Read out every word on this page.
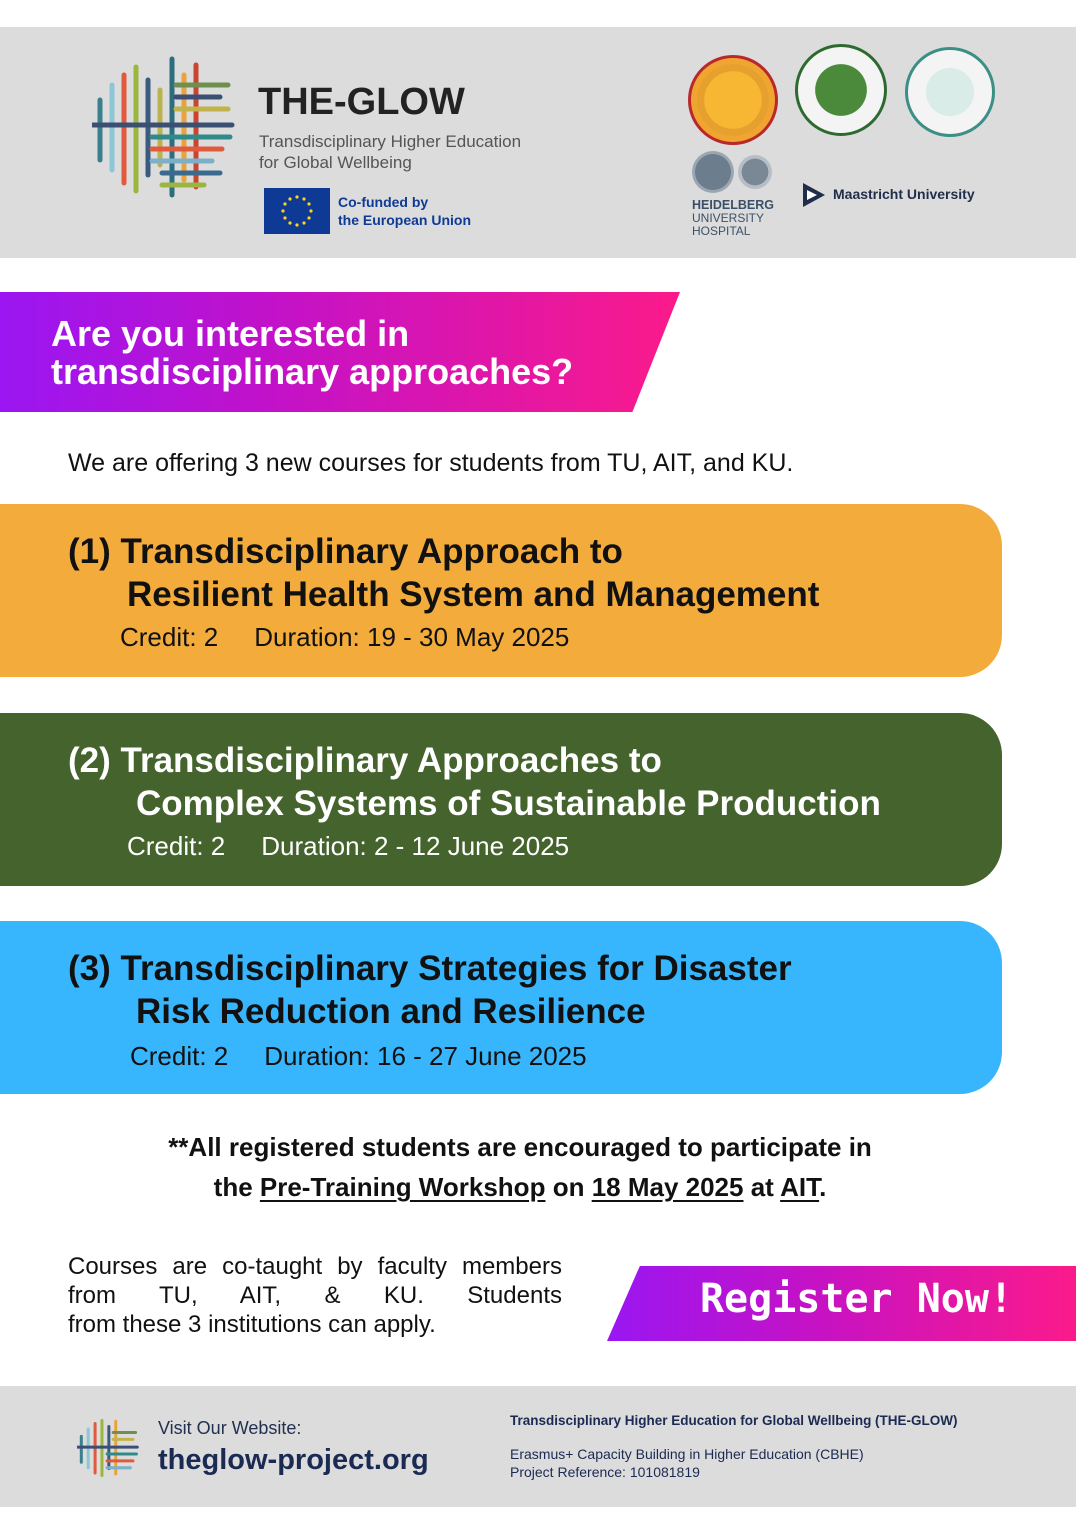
THE-GLOW
Transdisciplinary Higher Education
for Global Wellbeing
Co-funded by
the European Union
HEIDELBERG
UNIVERSITY
HOSPITAL
Maastricht University
Are you interested in
transdisciplinary approaches?
We are offering 3 new courses for students from TU, AIT, and KU.
(1) Transdisciplinary Approach to
Resilient Health System and Management
Credit: 2 Duration: 19 - 30 May 2025
(2) Transdisciplinary Approaches to
Complex Systems of Sustainable Production
Credit: 2 Duration: 2 - 12 June 2025
(3) Transdisciplinary Strategies for Disaster
Risk Reduction and Resilience
Credit: 2 Duration: 16 - 27 June 2025
**All registered students are encouraged to participate in
the Pre-Training Workshop on 18 May 2025 at AIT.
Courses are co-taught by faculty members from TU, AIT, & KU. Students
from these 3 institutions can apply.
Register Now!
Visit Our Website:
theglow-project.org
Transdisciplinary Higher Education for Global Wellbeing (THE-GLOW)
Erasmus+ Capacity Building in Higher Education (CBHE)
Project Reference: 101081819
